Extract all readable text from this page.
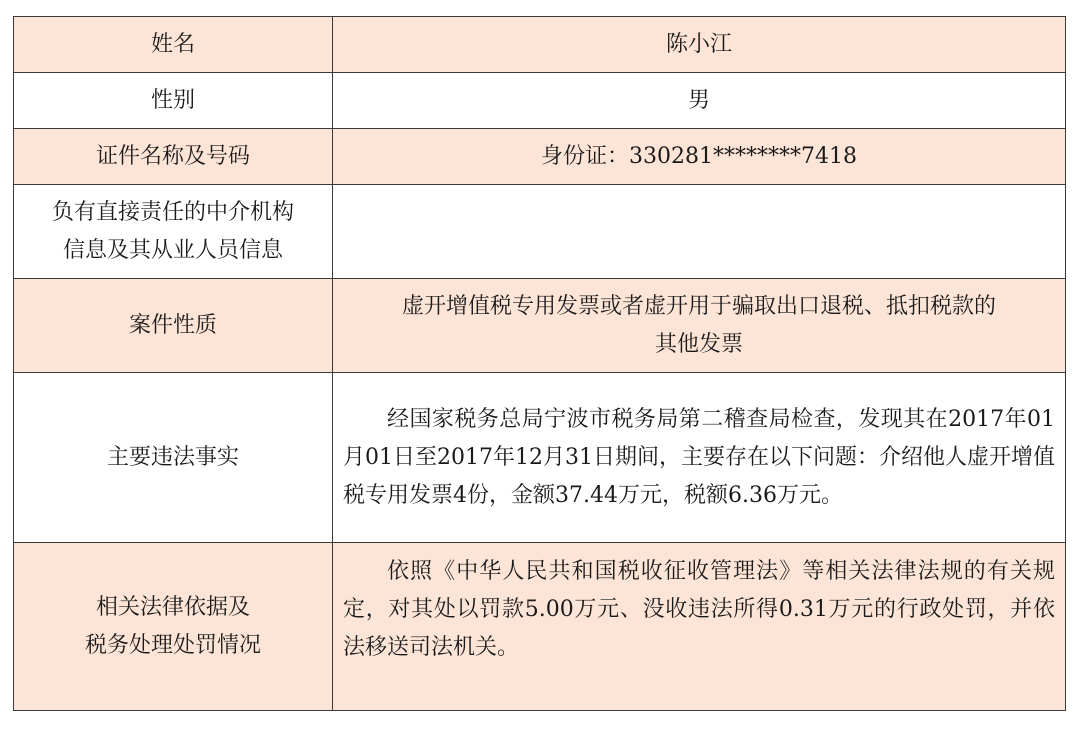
姓名	陈小江
性别	男
证件名称及号码	身份证：330281********7418

负有直接责任的中介机构
信息及其从业人员信息	

案件性质	虚开增值税专用发票或者虚开用于骗取出口退税、抵扣税款的
其他发票

主要违法事实	经国家税务总局宁波市税务局第二稽查局检查，发现其在2017年01月01日至2017年12月31日期间，主要存在以下问题：介绍他人虚开增值税专用发票4份，金额37.44万元，税额6.36万元。

相关法律依据及
税务处理处罚情况	依照《中华人民共和国税收征收管理法》等相关法律法规的有关规定，对其处以罚款5.00万元、没收违法所得0.31万元的行政处罚，并依法移送司法机关。
